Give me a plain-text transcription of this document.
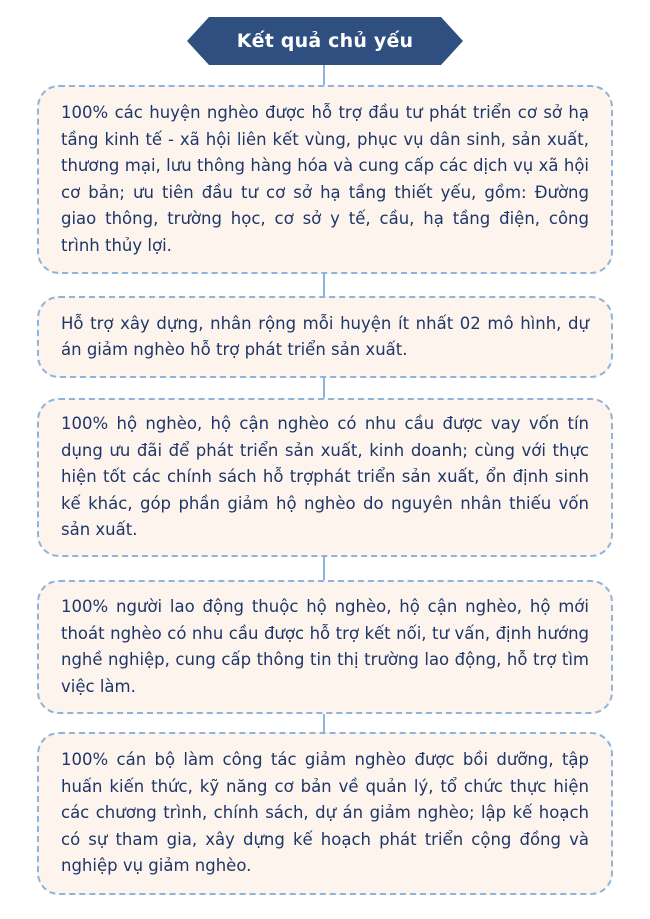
Kết quả chủ yếu

100% các huyện nghèo được hỗ trợ đầu tư phát triển cơ sở hạ tầng kinh tế - xã hội liên kết vùng, phục vụ dân sinh, sản xuất, thương mại, lưu thông hàng hóa và cung cấp các dịch vụ xã hội cơ bản; ưu tiên đầu tư cơ sở hạ tầng thiết yếu, gồm: Đường giao thông, trường học, cơ sở y tế, cầu, hạ tầng điện, công trình thủy lợi.

Hỗ trợ xây dựng, nhân rộng mỗi huyện ít nhất 02 mô hình, dự án giảm nghèo hỗ trợ phát triển sản xuất.

100% hộ nghèo, hộ cận nghèo có nhu cầu được vay vốn tín dụng ưu đãi để phát triển sản xuất, kinh doanh; cùng với thực hiện tốt các chính sách hỗ trợphát triển sản xuất, ổn định sinh kế khác, góp phần giảm hộ nghèo do nguyên nhân thiếu vốn sản xuất.

100% người lao động thuộc hộ nghèo, hộ cận nghèo, hộ mới thoát nghèo có nhu cầu được hỗ trợ kết nối, tư vấn, định hướng nghề nghiệp, cung cấp thông tin thị trường lao động, hỗ trợ tìm việc làm.

100% cán bộ làm công tác giảm nghèo được bồi dưỡng, tập huấn kiến thức, kỹ năng cơ bản về quản lý, tổ chức thực hiện các chương trình, chính sách, dự án giảm nghèo; lập kế hoạch có sự tham gia, xây dựng kế hoạch phát triển cộng đồng và nghiệp vụ giảm nghèo.
